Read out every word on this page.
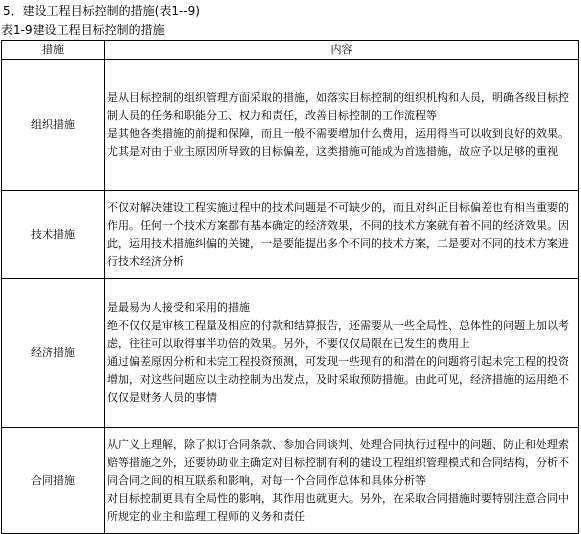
5．建设工程目标控制的措施(表1--9)
表1-9建设工程目标控制的措施
措施	内容
组织措施	是从目标控制的组织管理方面采取的措施，如落实目标控制的组织机构和人员，明确各级目标控制人员的任务和职能分工、权力和责任，改善目标控制的工作流程等

是其他各类措施的前提和保障，而且一般不需要增加什么费用，运用得当可以收到良好的效果。尤其是对由于业主原因所导致的目标偏差，这类措施可能成为首选措施，故应予以足够的重视

技术措施	不仅对解决建设工程实施过程中的技术问题是不可缺少的，而且对纠正目标偏差也有相当重要的作用。任何一个技术方案都有基本确定的经济效果，不同的技术方案就有着不同的经济效果。因此，运用技术措施纠偏的关键，一是要能提出多个不同的技术方案，二是要对不同的技术方案进行技术经济分析

经济措施	是最易为人接受和采用的措施

绝不仅仅是审核工程量及相应的付款和结算报告，还需要从一些全局性、总体性的问题上加以考虑，往往可以取得事半功倍的效果。另外，不要仅仅局限在已发生的费用上

通过偏差原因分析和未完工程投资预测，可发现一些现有的和潜在的问题将引起未完工程的投资增加，对这些问题应以主动控制为出发点，及时采取预防措施。由此可见，经济措施的运用绝不仅仅是财务人员的事情

合同措施	从广义上理解，除了拟订合同条款、参加合同谈判、处理合同执行过程中的问题、防止和处理索赔等措施之外，还要协助业主确定对目标控制有利的建设工程组织管理模式和合同结构，分析不同合同之间的相互联系和影响，对每一个合同作总体和具体分析等

对目标控制更具有全局性的影响，其作用也就更大。另外，在采取合同措施时要特别注意合同中所规定的业主和监理工程师的义务和责任
